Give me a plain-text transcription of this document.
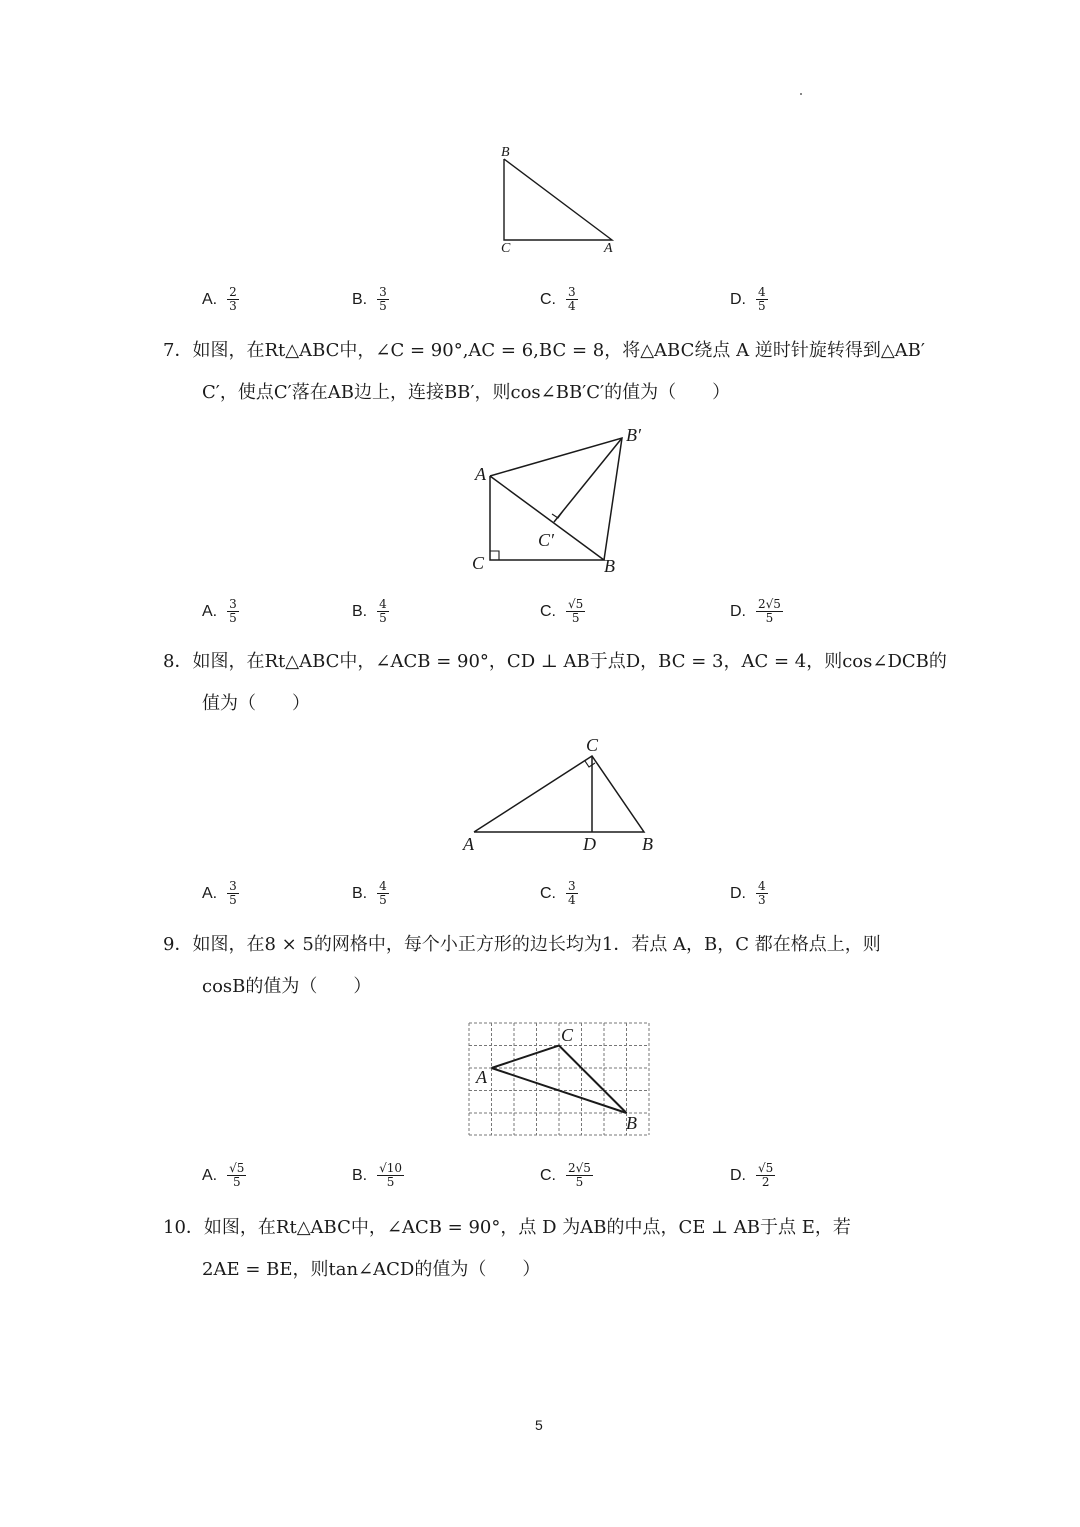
B
C	A
A. $\frac{2}{3}$	B. $\frac{3}{5}$	C. $\frac{3}{4}$	D. $\frac{4}{5}$
7．如图，在Rt△ABC中，∠C = 90°,AC = 6,BC = 8，将△ABC绕点 A 逆时针旋转得到△AB′
C′，使点C′落在AB边上，连接BB′，则cos∠BB′C′的值为（　　）
A
B′
C′
C	B
A. $\frac{3}{5}$	B. $\frac{4}{5}$	C. $\frac{√5}{5}$	D. $\frac{2√5}{5}$
8．如图，在Rt△ABC中，∠ACB = 90°，CD ⊥ AB于点D，BC = 3，AC = 4，则cos∠DCB的
值为（　　）
C
A	D	B
A. $\frac{3}{5}$	B. $\frac{4}{5}$	C. $\frac{3}{4}$	D. $\frac{4}{3}$
9．如图，在8 × 5的网格中，每个小正方形的边长均为1．若点 A，B，C 都在格点上，则
cosB的值为（　　）
C
A
B
A. $\frac{√5}{5}$	B. $\frac{√10}{5}$	C. $\frac{2√5}{5}$	D. $\frac{√5}{2}$
10．如图，在Rt△ABC中，∠ACB = 90°，点 D 为AB的中点，CE ⊥ AB于点 E，若
2AE = BE，则tan∠ACD的值为（　　）
5
